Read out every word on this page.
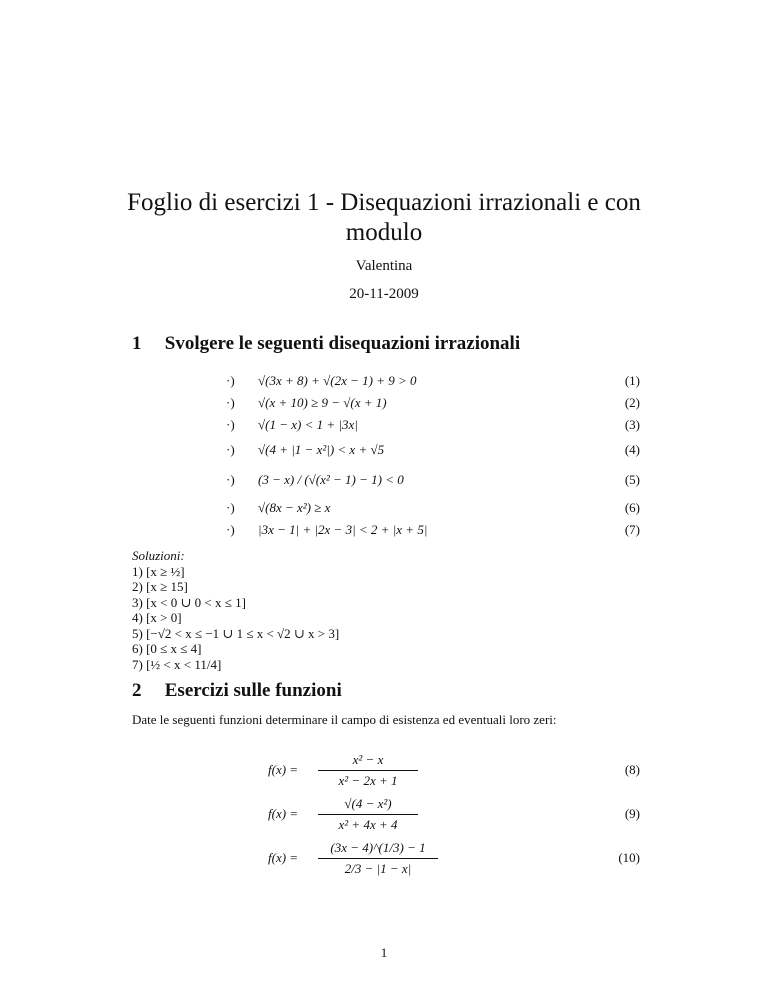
Foglio di esercizi 1 - Disequazioni irrazionali e con modulo
Valentina
20-11-2009
1 Svolgere le seguenti disequazioni irrazionali
·) √(3x + 8) + √(2x − 1) + 9 > 0	(1)
·) √(x + 10) ≥ 9 − √(x + 1)	(2)
·) √(1 − x) < 1 + |3x|	(3)
·) √(4 + |1 − x²|) < x + √5	(4)
·) (3 − x) / (√(x² − 1) − 1) < 0	(5)
·) √(8x − x²) ≥ x	(6)
·) |3x − 1| + |2x − 3| < 2 + |x + 5|	(7)
Soluzioni:
1) [x ≥ ½]
2) [x ≥ 15]
3) [x < 0 ∪ 0 < x ≤ 1]
4) [x > 0]
5) [−√2 < x ≤ −1 ∪ 1 ≤ x < √2 ∪ x > 3]
6) [0 ≤ x ≤ 4]
7) [½ < x < 11/4]
2 Esercizi sulle funzioni
Date le seguenti funzioni determinare il campo di esistenza ed eventuali loro zeri:
$f(x) = \frac{\text{x² − x}}{\text{x² − 2x + 1}}$	(8)
$f(x) = \frac{\text{√(4 − x²)}}{\text{x² + 4x + 4}}$	(9)
$f(x) = \frac{(3x - 4)\^{}(1/3) - 1}{2/3 - |1 - x|}$	(10)
1
